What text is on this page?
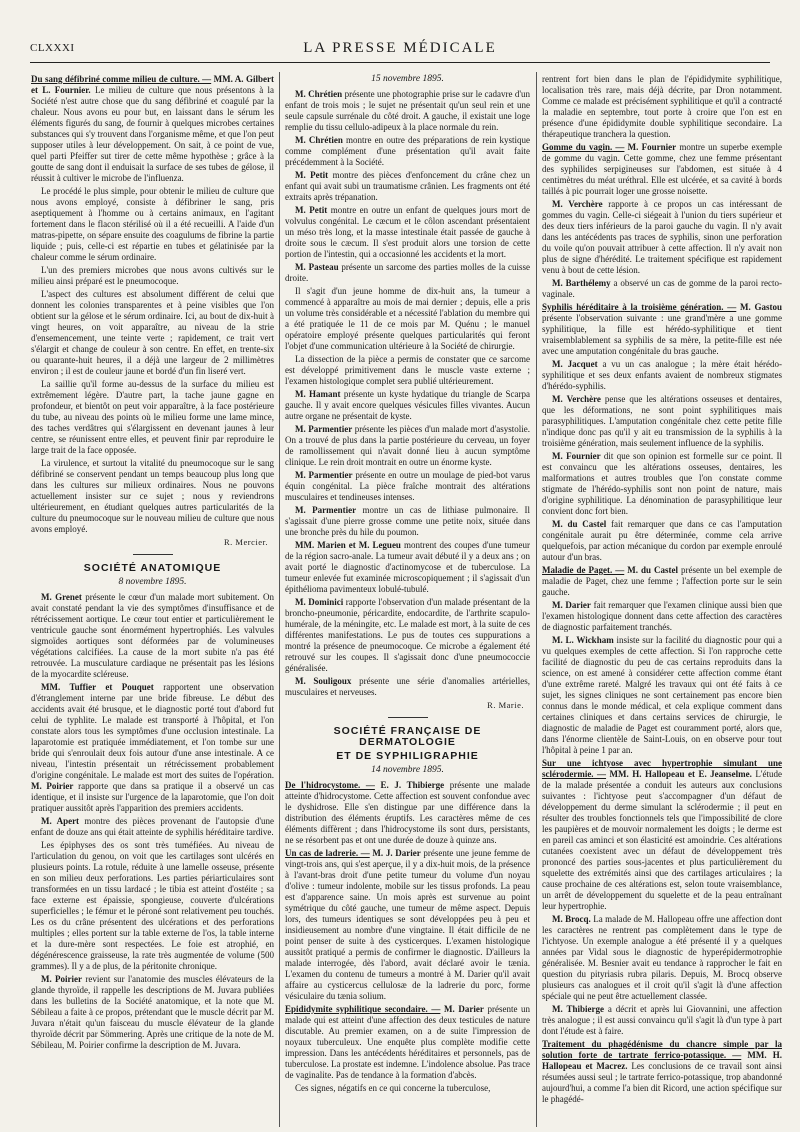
CLXXXI	LA PRESSE MÉDICALE

Du sang défibriné comme milieu de culture. — MM. A. Gilbert et L. Fournier. Le milieu de culture que nous présentons à la Société n'est autre chose que du sang défibriné et coagulé par la chaleur. Nous avons eu pour but, en laissant dans le sérum les éléments figurés du sang, de fournir à quelques microbes certaines substances qui s'y trouvent dans l'organisme même, et que l'on peut supposer utiles à leur développement. On sait, à ce point de vue, quel parti Pfeiffer sut tirer de cette même hypothèse ; grâce à la goutte de sang dont il enduisait la surface de ses tubes de gélose, il réussit à cultiver le microbe de l'influenza.

Le procédé le plus simple, pour obtenir le milieu de culture que nous avons employé, consiste à défibriner le sang, pris aseptiquement à l'homme ou à certains animaux, en l'agitant fortement dans le flacon stérilisé où il a été recueilli. A l'aide d'un matras-pipette, on sépare ensuite des coagulums de fibrine la partie liquide ; puis, celle-ci est répartie en tubes et gélatinisée par la chaleur comme le sérum ordinaire.

L'un des premiers microbes que nous avons cultivés sur le milieu ainsi préparé est le pneumocoque.

L'aspect des cultures est absolument différent de celui que donnent les colonies transparentes et à peine visibles que l'on obtient sur la gélose et le sérum ordinaire. Ici, au bout de dix-huit à vingt heures, on voit apparaître, au niveau de la strie d'ensemencement, une teinte verte ; rapidement, ce trait vert s'élargit et change de couleur à son centre. En effet, en trente-six ou quarante-huit heures, il a déjà une largeur de 2 millimètres environ ; il est de couleur jaune et bordé d'un fin liseré vert.

La saillie qu'il forme au-dessus de la surface du milieu est extrêmement légère. D'autre part, la tache jaune gagne en profondeur, et bientôt on peut voir apparaître, à la face postérieure du tube, au niveau des points où le milieu forme une lame mince, des taches verdâtres qui s'élargissent en devenant jaunes à leur centre, se réunissent entre elles, et peuvent finir par reproduire le large trait de la face opposée.

La virulence, et surtout la vitalité du pneumocoque sur le sang défibriné se conservent pendant un temps beaucoup plus long que dans les cultures sur milieux ordinaires. Nous ne pouvons actuellement insister sur ce sujet ; nous y reviendrons ultérieurement, en étudiant quelques autres particularités de la culture du pneumocoque sur le nouveau milieu de culture que nous avons employé.

R. Mercier.

SOCIÉTÉ ANATOMIQUE
8 novembre 1895.

M. Grenet présente le cœur d'un malade mort subitement. On avait constaté pendant la vie des symptômes d'insuffisance et de rétrécissement aortique. Le cœur tout entier et particulièrement le ventricule gauche sont énormément hypertrophiés. Les valvules sigmoïdes aortiques sont déformées par de volumineuses végétations calcifiées. La cause de la mort subite n'a pas été retrouvée. La musculature cardiaque ne présentait pas les lésions de la myocardite scléreuse.

MM. Tuffier et Pouquet rapportent une observation d'étranglement interne par une bride fibreuse. Le début des accidents avait été brusque, et le diagnostic porté tout d'abord fut celui de typhlite. Le malade est transporté à l'hôpital, et l'on constate alors tous les symptômes d'une occlusion intestinale. La laparotomie est pratiquée immédiatement, et l'on tombe sur une bride qui s'enroulait deux fois autour d'une anse intestinale. A ce niveau, l'intestin présentait un rétrécissement probablement d'origine congénitale. Le malade est mort des suites de l'opération. M. Poirier rapporte que dans sa pratique il a observé un cas identique, et il insiste sur l'urgence de la laparotomie, que l'on doit pratiquer aussitôt après l'apparition des premiers accidents.

M. Apert montre des pièces provenant de l'autopsie d'une enfant de douze ans qui était atteinte de syphilis héréditaire tardive.

Les épiphyses des os sont très tuméfiées. Au niveau de l'articulation du genou, on voit que les cartilages sont ulcérés en plusieurs points. La rotule, réduite à une lamelle osseuse, présente en son milieu deux perforations. Les parties périarticulaires sont transformées en un tissu lardacé ; le tibia est atteint d'ostéite ; sa face externe est épaissie, spongieuse, couverte d'ulcérations superficielles ; le fémur et le péroné sont relativement peu touchés. Les os du crâne présentent des ulcérations et des perforations multiples ; elles portent sur la table externe de l'os, la table interne et la dure-mère sont respectées. Le foie est atrophié, en dégénérescence graisseuse, la rate très augmentée de volume (500 grammes). Il y a de plus, de la péritonite chronique.

M. Poirier revient sur l'anatomie des muscles élévateurs de la glande thyroïde, il rappelle les descriptions de M. Juvara publiées dans les bulletins de la Société anatomique, et la note que M. Sébileau a faite à ce propos, prétendant que le muscle décrit par M. Juvara n'était qu'un faisceau du muscle élévateur de la glande thyroïde décrit par Sömmering. Après une critique de la note de M. Sébileau, M. Poirier confirme la description de M. Juvara.

15 novembre 1895.

M. Chrétien présente une photographie prise sur le cadavre d'un enfant de trois mois ; le sujet ne présentait qu'un seul rein et une seule capsule surrénale du côté droit. A gauche, il existait une loge remplie du tissu cellulo-adipeux à la place normale du rein.

M. Chrétien montre en outre des préparations de rein kystique comme complément d'une présentation qu'il avait faite précédemment à la Société.

M. Petit montre des pièces d'enfoncement du crâne chez un enfant qui avait subi un traumatisme crânien. Les fragments ont été extraits après trépanation.

M. Petit montre en outre un enfant de quelques jours mort de volvulus congénital. Le cæcum et le côlon ascendant présentaient un méso très long, et la masse intestinale était passée de gauche à droite sous le cæcum. Il s'est produit alors une torsion de cette portion de l'intestin, qui a occasionné les accidents et la mort.

M. Pasteau présente un sarcome des parties molles de la cuisse droite.

Il s'agit d'un jeune homme de dix-huit ans, la tumeur a commencé à apparaître au mois de mai dernier ; depuis, elle a pris un volume très considérable et a nécessité l'ablation du membre qui a été pratiquée le 11 de ce mois par M. Quénu ; le manuel opératoire employé présente quelques particularités qui feront l'objet d'une communication ultérieure à la Société de chirurgie.

La dissection de la pièce a permis de constater que ce sarcome est développé primitivement dans le muscle vaste externe ; l'examen histologique complet sera publié ultérieurement.

M. Hamant présente un kyste hydatique du triangle de Scarpa gauche. Il y avait encore quelques vésicules filles vivantes. Aucun autre organe ne présentait de kyste.

M. Parmentier présente les pièces d'un malade mort d'asystolie. On a trouvé de plus dans la partie postérieure du cerveau, un foyer de ramollissement qui n'avait donné lieu à aucun symptôme clinique. Le rein droit montrait en outre un énorme kyste.

M. Parmentier présente en outre un moulage de pied-bot varus équin congénital. La pièce fraîche montrait des altérations musculaires et tendineuses intenses.

M. Parmentier montre un cas de lithiase pulmonaire. Il s'agissait d'une pierre grosse comme une petite noix, située dans une bronche près du hile du poumon.

MM. Marien et M. Legueu montrent des coupes d'une tumeur de la région sacro-anale. La tumeur avait débuté il y a deux ans ; on avait porté le diagnostic d'actinomycose et de tuberculose. La tumeur enlevée fut examinée microscopiquement ; il s'agissait d'un épithélioma pavimenteux lobulé-tubulé.

M. Dominici rapporte l'observation d'un malade présentant de la broncho-pneumonie, péricardite, endocardite, de l'arthrite scapulo-humérale, de la méningite, etc. Le malade est mort, à la suite de ces différentes manifestations. Le pus de toutes ces suppurations a montré la présence de pneumocoque. Ce microbe a également été retrouvé sur les coupes. Il s'agissait donc d'une pneumococcie généralisée.

M. Souligoux présente une série d'anomalies artérielles, musculaires et nerveuses.

R. Marie.

SOCIÉTÉ FRANÇAISE DE DERMATOLOGIE
ET DE SYPHILIGRAPHIE
14 novembre 1895.

De l'hidrocystome. — E. J. Thibierge présente une malade atteinte d'hidrocystome. Cette affection est souvent confondue avec le dyshidrose. Elle s'en distingue par une différence dans la distribution des éléments éruptifs. Les caractères même de ces éléments diffèrent ; dans l'hidrocystome ils sont durs, persistants, ne se résorbent pas et ont une durée de douze à quinze ans.

Un cas de ladrerie. — M. J. Darier présente une jeune femme de vingt-trois ans, qui s'est aperçue, il y a dix-huit mois, de la présence à l'avant-bras droit d'une petite tumeur du volume d'un noyau d'olive : tumeur indolente, mobile sur les tissus profonds. La peau est d'apparence saine. Un mois après est survenue au point symétrique du côté gauche, une tumeur de même aspect. Depuis lors, des tumeurs identiques se sont développées peu à peu et insidieusement au nombre d'une vingtaine. Il était difficile de ne point penser de suite à des cysticerques. L'examen histologique aussitôt pratiqué a permis de confirmer le diagnostic. D'ailleurs la malade interrogée, dès l'abord, avait déclaré avoir le tænia. L'examen du contenu de tumeurs a montré à M. Darier qu'il avait affaire au cysticercus cellulosæ de la ladrerie du porc, forme vésiculaire du tænia solium.

Epididymite syphilitique secondaire. — M. Darier présente un malade qui est atteint d'une affection des deux testicules de nature discutable. Au premier examen, on a de suite l'impression de noyaux tuberculeux. Une enquête plus complète modifie cette impression. Dans les antécédents héréditaires et personnels, pas de tuberculose. La prostate est indemne. L'indolence absolue. Pas trace de vaginalite. Pas de tendance à la formation d'abcès.

Ces signes, négatifs en ce qui concerne la tuberculose,

rentrent fort bien dans le plan de l'épididymite syphilitique, localisation très rare, mais déjà décrite, par Dron notamment. Comme ce malade est précisément syphilitique et qu'il a contracté la maladie en septembre, tout porte à croire que l'on est en présence d'une épididymite double syphilitique secondaire. La thérapeutique tranchera la question.

Gomme du vagin. — M. Fournier montre un superbe exemple de gomme du vagin. Cette gomme, chez une femme présentant des syphilides serpigineuses sur l'abdomen, est située à 4 centimètres du méat uréthral. Elle est ulcérée, et sa cavité à bords taillés à pic pourrait loger une grosse noisette.

M. Verchère rapporte à ce propos un cas intéressant de gommes du vagin. Celle-ci siégeait à l'union du tiers supérieur et des deux tiers inférieurs de la paroi gauche du vagin. Il n'y avait dans les antécédents pas traces de syphilis, sinon une perforation du voile qu'on pouvait attribuer à cette affection. Il n'y avait non plus de signe d'hérédité. Le traitement spécifique est rapidement venu à bout de cette lésion.

M. Barthélemy a observé un cas de gomme de la paroi recto-vaginale.

Syphilis héréditaire à la troisième génération. — M. Gastou présente l'observation suivante : une grand'mère a une gomme syphilitique, la fille est hérédo-syphilitique et tient vraisemblablement sa syphilis de sa mère, la petite-fille est née avec une amputation congénitale du bras gauche.

M. Jacquet a vu un cas analogue ; la mère était hérédo-syphilitique et ses deux enfants avaient de nombreux stigmates d'hérédo-syphilis.

M. Verchère pense que les altérations osseuses et dentaires, que les déformations, ne sont point syphilitiques mais parasyphilitiques. L'amputation congénitale chez cette petite fille n'indique donc pas qu'il y ait eu transmission de la syphilis à la troisième génération, mais seulement influence de la syphilis.

M. Fournier dit que son opinion est formelle sur ce point. Il est convaincu que les altérations osseuses, dentaires, les malformations et autres troubles que l'on constate comme stigmate de l'hérédo-syphilis sont non point de nature, mais d'origine syphilitique. La dénomination de parasyphilitique leur convient donc fort bien.

M. du Castel fait remarquer que dans ce cas l'amputation congénitale aurait pu être déterminée, comme cela arrive quelquefois, par action mécanique du cordon par exemple enroulé autour d'un bras.

Maladie de Paget. — M. du Castel présente un bel exemple de maladie de Paget, chez une femme ; l'affection porte sur le sein gauche.

M. Darier fait remarquer que l'examen clinique aussi bien que l'examen histologique donnent dans cette affection des caractères de diagnostic parfaitement tranchés.

M. L. Wickham insiste sur la facilité du diagnostic pour qui a vu quelques exemples de cette affection. Si l'on rapproche cette facilité de diagnostic du peu de cas certains reproduits dans la science, on est amené à considérer cette affection comme étant d'une extrême rareté. Malgré les travaux qui ont été faits à ce sujet, les signes cliniques ne sont certainement pas encore bien connus dans le monde médical, et cela explique comment dans certaines cliniques et dans certains services de chirurgie, le diagnostic de maladie de Paget est couramment porté, alors que, dans l'énorme clientèle de Saint-Louis, on en observe pour tout l'hôpital à peine 1 par an.

Sur une ichtyose avec hypertrophie simulant une sclérodermie. — MM. H. Hallopeau et E. Jeanselme. L'étude de la malade présentée a conduit les auteurs aux conclusions suivantes : l'ichtyose peut s'accompagner d'un défaut de développement du derme simulant la sclérodermie ; il peut en résulter des troubles fonctionnels tels que l'impossibilité de clore les paupières et de mouvoir normalement les doigts ; le derme est en pareil cas aminci et son élasticité est amoindrie. Ces altérations cutanées coexistent avec un défaut de développement très prononcé des parties sous-jacentes et plus particulièrement du squelette des extrémités ainsi que des cartilages articulaires ; la cause prochaine de ces altérations est, selon toute vraisemblance, un arrêt de développement du squelette et de la peau entraînant leur hypertrophie.

M. Brocq. La malade de M. Hallopeau offre une affection dont les caractères ne rentrent pas complètement dans le type de l'ichtyose. Un exemple analogue a été présenté il y a quelques années par Vidal sous le diagnostic de hyperépidermotrophie généralisée. M. Besnier avait eu tendance à rapprocher le fait en question du pityriasis rubra pilaris. Depuis, M. Brocq observe plusieurs cas analogues et il croit qu'il s'agit là d'une affection spéciale qui ne peut être actuellement classée.

M. Thibierge a décrit et après lui Giovannini, une affection très analogue ; il est aussi convaincu qu'il s'agit là d'un type à part dont l'étude est à faire.

Traitement du phagédénisme du chancre simple par la solution forte de tartrate ferrico-potassique. — MM. H. Hallopeau et Macrez. Les conclusions de ce travail sont ainsi résumées aussi seul ; le tartrate ferrico-potassique, trop abandonné aujourd'hui, a comme l'a bien dit Ricord, une action spécifique sur le phagédé-
